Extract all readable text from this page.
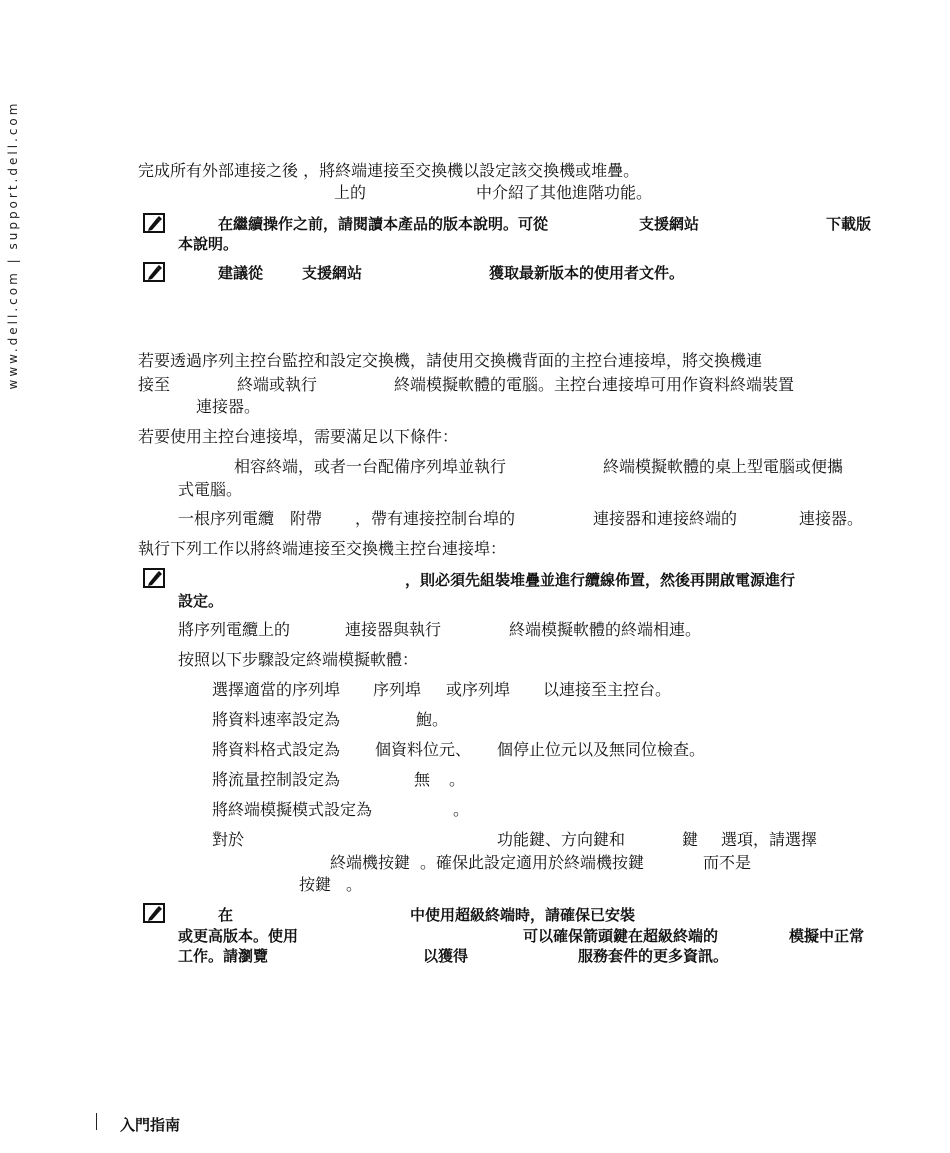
www.dell.com | support.dell.com	完成所有外部連接之後 ，將終端連接至交換機以設定該交換機或堆疊。
上的	中介紹了其他進階功能。
在繼續操作之前，請閱讀本產品的版本說明。可從	支援網站	下載版
本說明。
建議從	支援網站	獲取最新版本的使用者文件。
若要透過序列主控台監控和設定交換機，請使用交換機背面的主控台連接埠，將交換機連
接至	終端或執行	終端模擬軟體的電腦。主控台連接埠可用作資料終端裝置
連接器。
若要使用主控台連接埠，需要滿足以下條件：
相容終端，或者一台配備序列埠並執行	終端模擬軟體的桌上型電腦或便攜
式電腦。
一根序列電纜 附帶 ，帶有連接控制台埠的	連接器和連接終端的	連接器。
執行下列工作以將終端連接至交換機主控台連接埠：
，則必須先組裝堆疊並進行纜線佈置，然後再開啟電源進行
設定。
將序列電纜上的	連接器與執行	終端模擬軟體的終端相連。
按照以下步驟設定終端模擬軟體：
選擇適當的序列埠 序列埠 或序列埠 以連接至主控台。
將資料速率設定為	鮑。
將資料格式設定為 個資料位元、 個停止位元以及無同位檢查。
將流量控制設定為	無 。
將終端模擬模式設定為	。
對於	功能鍵、方向鍵和	鍵 選項，請選擇
終端機按鍵 。確保此設定適用於終端機按鍵	而不是
按鍵 。
在	中使用超級終端時，請確保已安裝
或更高版本。使用	可以確保箭頭鍵在超級終端的	模擬中正常
工作。請瀏覽	以獲得	服務套件的更多資訊。
入門指南
